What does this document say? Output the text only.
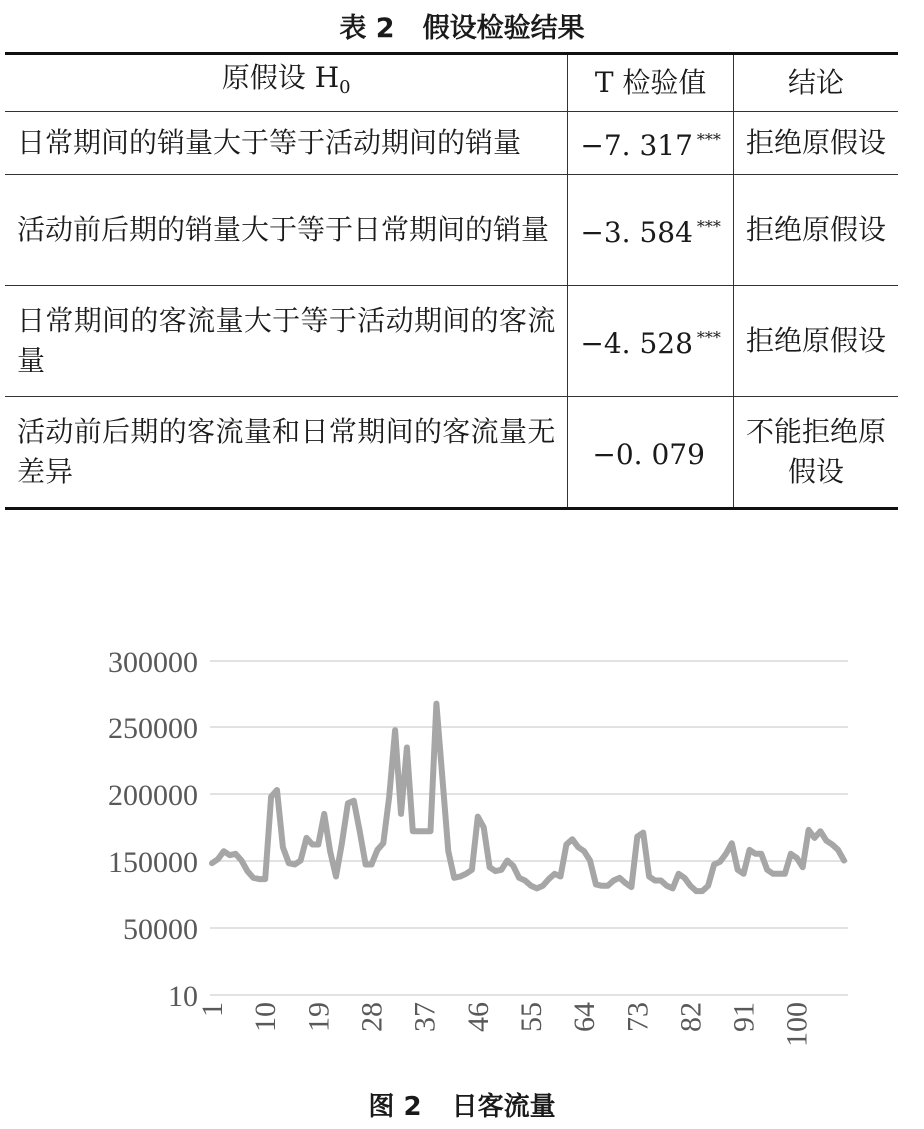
表 2 假设检验结果
原假设 $H_0$	T 检验值	结论
日常期间的销量大于等于活动期间的销量	−7. 317 ***	拒绝原假设
活动前后期的销量大于等于日常期间的销量	−3. 584 ***	拒绝原假设
日常期间的客流量大于等于活动期间的客流量	−4. 528 ***	拒绝原假设
活动前后期的客流量和日常期间的客流量无差异	−0. 079	不能拒绝原假设
300000
250000
200000
150000
50000
10
1 10 19 28 37 46 55 64 73 82 91 100
图 2 日客流量
